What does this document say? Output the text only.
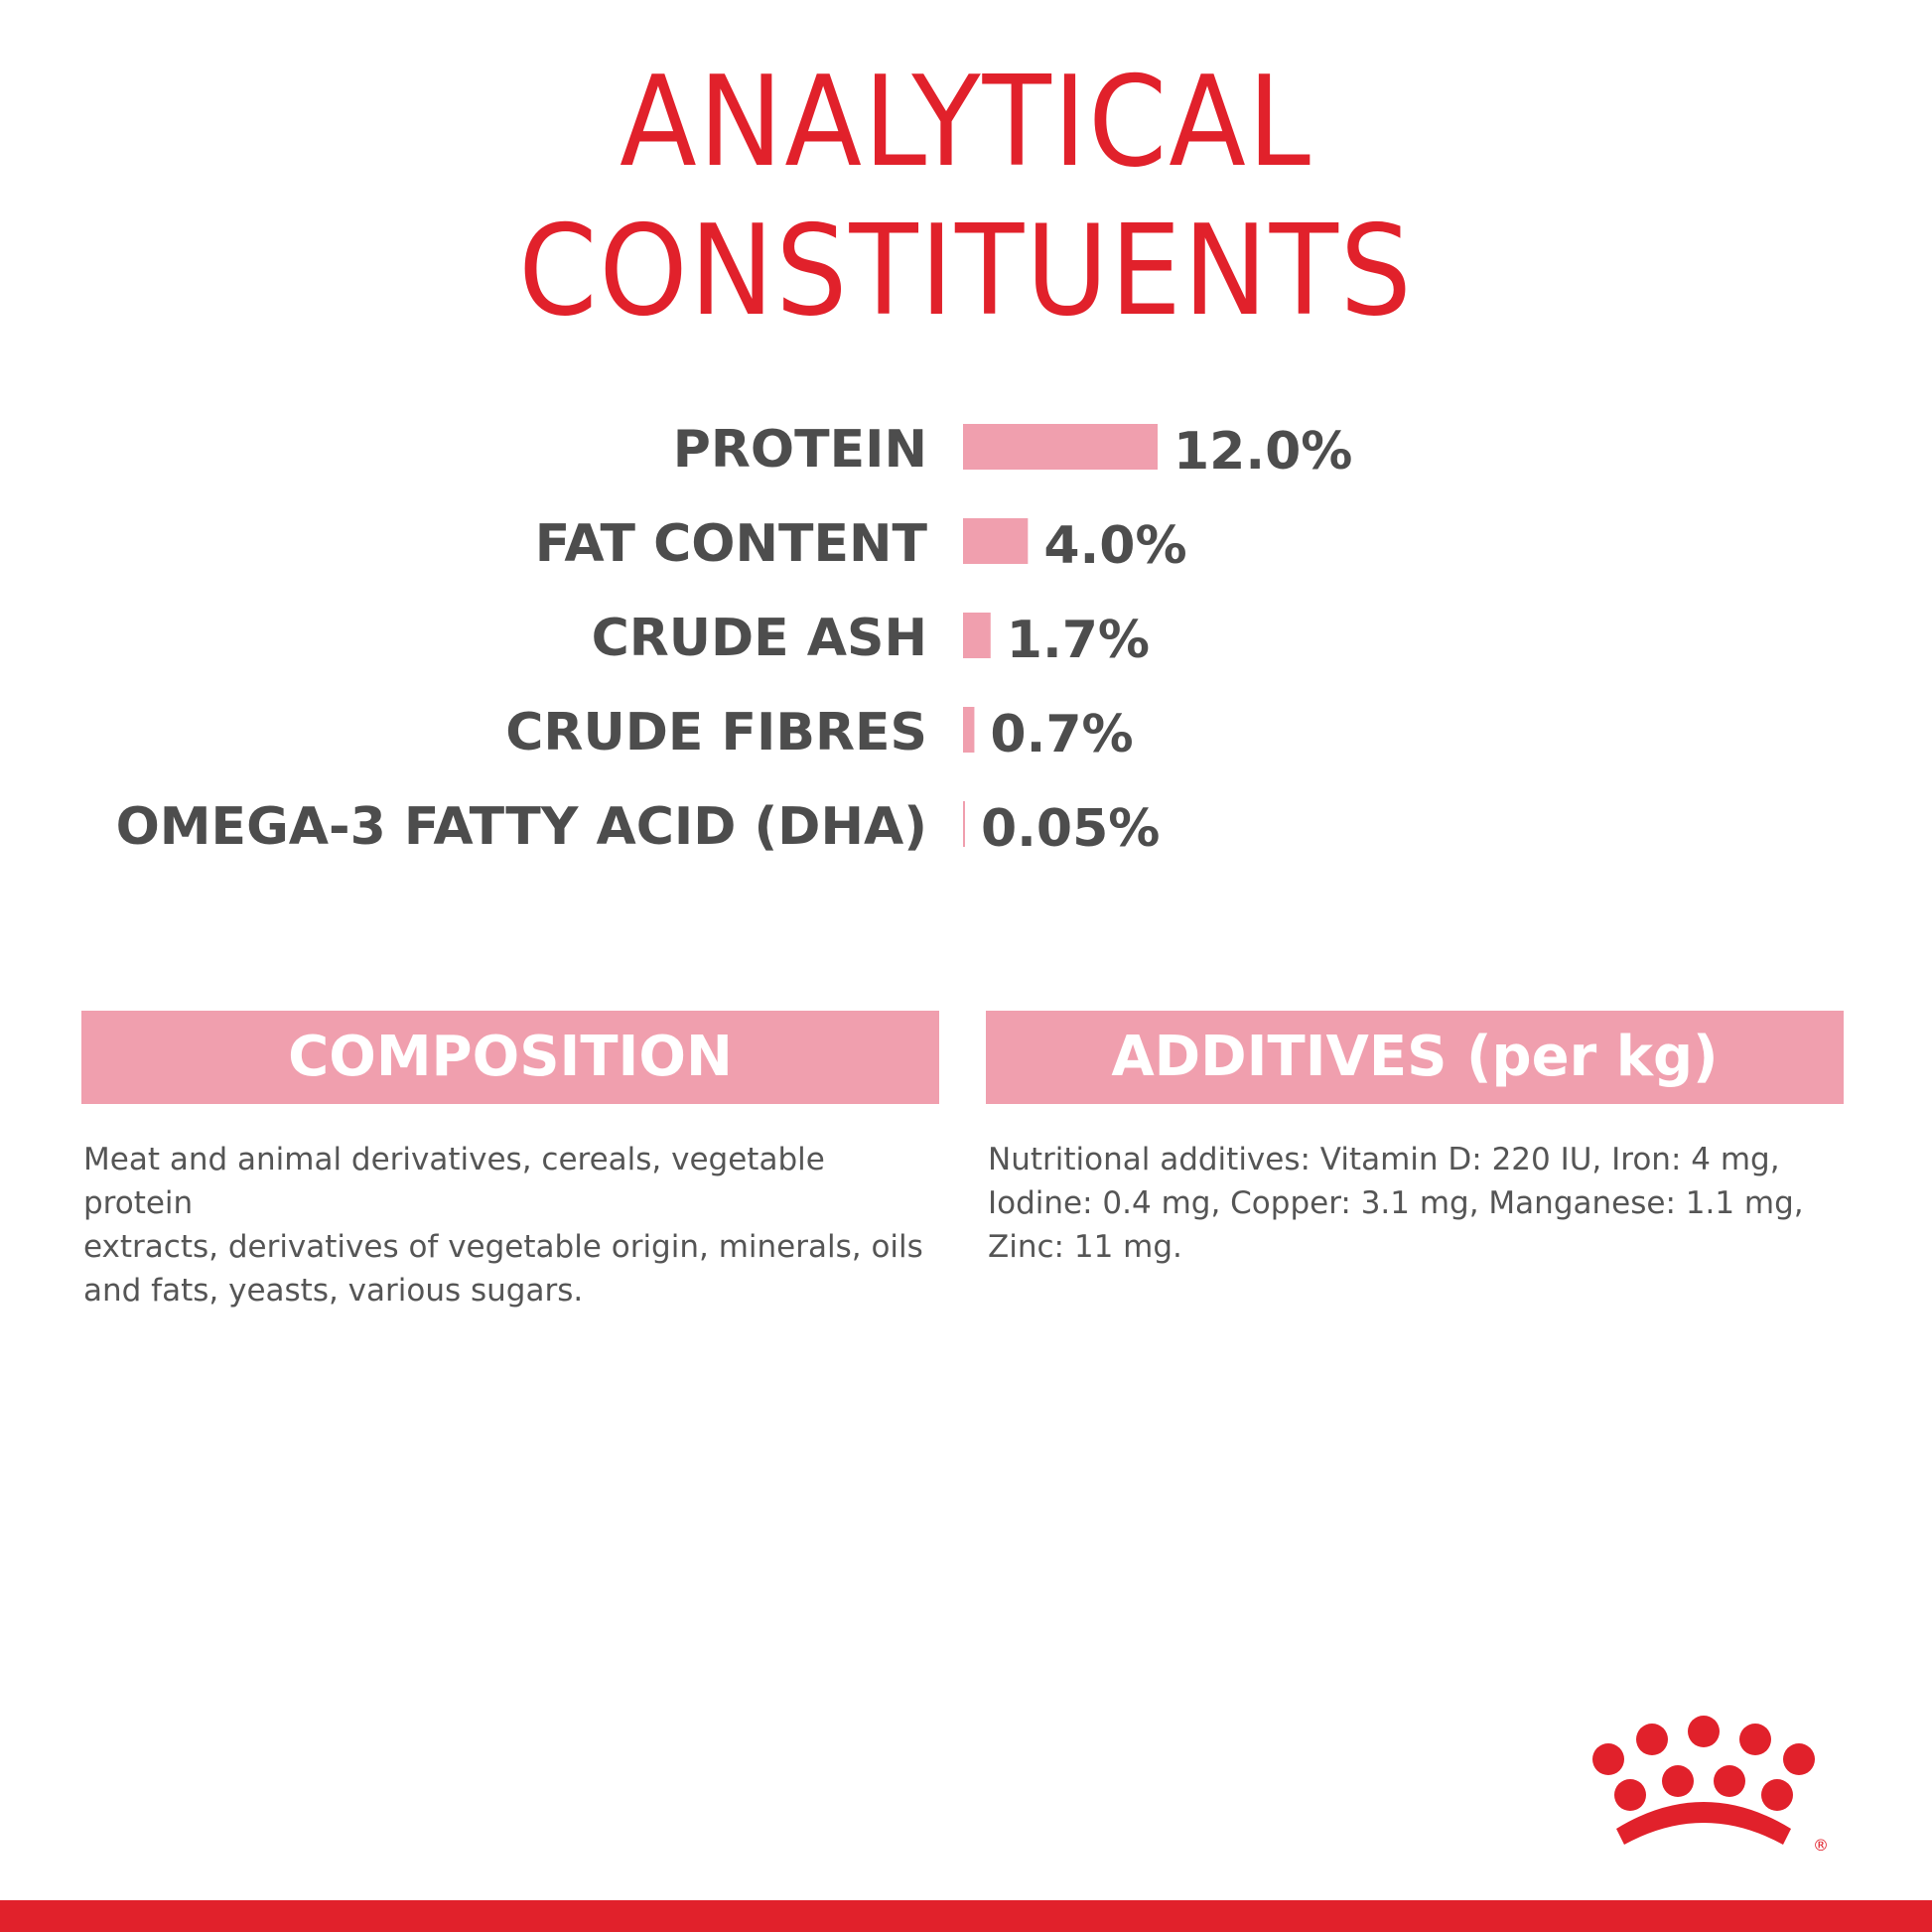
ANALYTICAL
CONSTITUENTS
PROTEIN	12.0%
FAT CONTENT 4.0%
CRUDE ASH 1.7%
CRUDE FIBRES 0.7%
OMEGA-3 FATTY ACID (DHA) 0.05%
COMPOSITION
Meat and animal derivatives, cereals, vegetable protein
extracts, derivatives of vegetable origin, minerals, oils
and fats, yeasts, various sugars.
ADDITIVES (per kg)
Nutritional additives: Vitamin D: 220 IU, Iron: 4 mg,
Iodine: 0.4 mg, Copper: 3.1 mg, Manganese: 1.1 mg,
Zinc: 11 mg.
®
